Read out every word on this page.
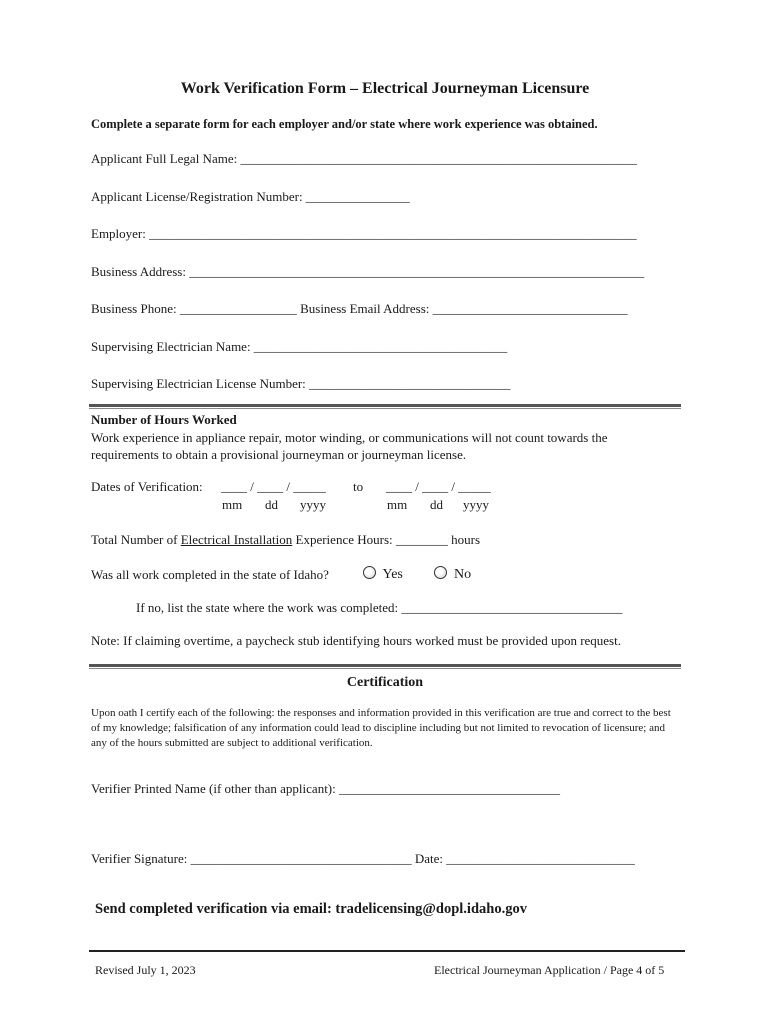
Work Verification Form – Electrical Journeyman Licensure
Complete a separate form for each employer and/or state where work experience was obtained.
Applicant Full Legal Name: _____________________________________________________________
Applicant License/Registration Number: ________________
Employer: ___________________________________________________________________________
Business Address: ______________________________________________________________________
Business Phone: __________________ Business Email Address: ______________________________
Supervising Electrician Name: _______________________________________
Supervising Electrician License Number: _______________________________
Number of Hours Worked
Work experience in appliance repair, motor winding, or communications will not count towards the requirements to obtain a provisional journeyman or journeyman license.
Dates of Verification: ____ / ____ / _____ to ____ / ____ / _____
mm dd yyyy	mm dd yyyy
Total Number of Electrical Installation Experience Hours: ________ hours
Was all work completed in the state of Idaho?	Yes	No
If no, list the state where the work was completed: __________________________________
Note: If claiming overtime, a paycheck stub identifying hours worked must be provided upon request.
Certification
Upon oath I certify each of the following: the responses and information provided in this verification are true and correct to the best of my knowledge; falsification of any information could lead to discipline including but not limited to revocation of licensure; and any of the hours submitted are subject to additional verification.
Verifier Printed Name (if other than applicant): __________________________________
Verifier Signature: __________________________________ Date: _____________________________
Send completed verification via email: tradelicensing@dopl.idaho.gov
Revised July 1, 2023	Electrical Journeyman Application / Page 4 of 5
